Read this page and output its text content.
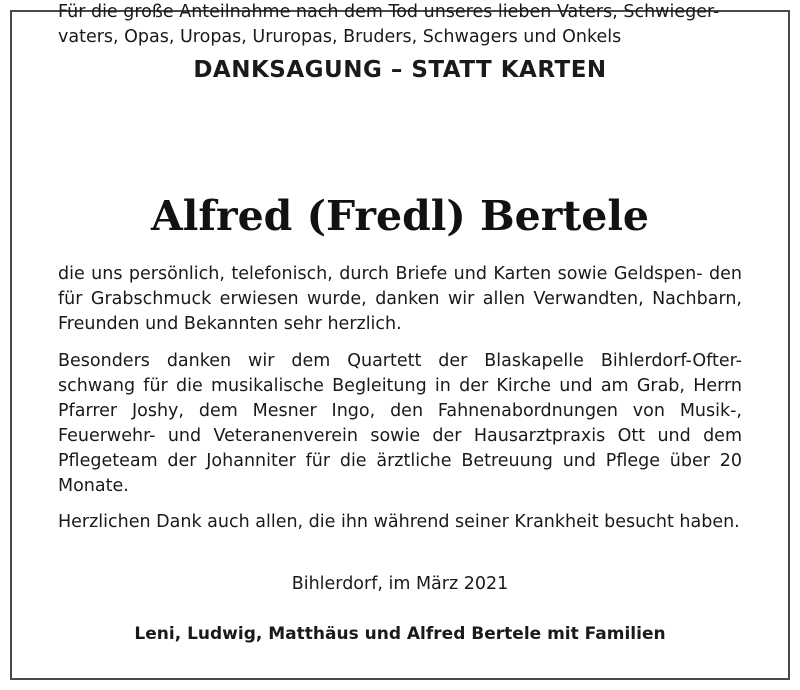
DANKSAGUNG – STATT KARTEN

Für die große Anteilnahme nach dem Tod unseres lieben Vaters, Schwieger- vaters, Opas, Uropas, Ururopas, Bruders, Schwagers und Onkels

Alfred (Fredl) Bertele

die uns persönlich, telefonisch, durch Briefe und Karten sowie Geldspen- den für Grabschmuck erwiesen wurde, danken wir allen Verwandten, Nachbarn, Freunden und Bekannten sehr herzlich.

Besonders danken wir dem Quartett der Blaskapelle Bihlerdorf-Ofter- schwang für die musikalische Begleitung in der Kirche und am Grab, Herrn Pfarrer Joshy, dem Mesner Ingo, den Fahnenabordnungen von Musik-, Feuerwehr- und Veteranenverein sowie der Hausarztpraxis Ott und dem Pflegeteam der Johanniter für die ärztliche Betreuung und Pflege über 20 Monate.

Herzlichen Dank auch allen, die ihn während seiner Krankheit besucht haben.

Bihlerdorf, im März 2021
Leni, Ludwig, Matthäus und Alfred Bertele mit Familien
